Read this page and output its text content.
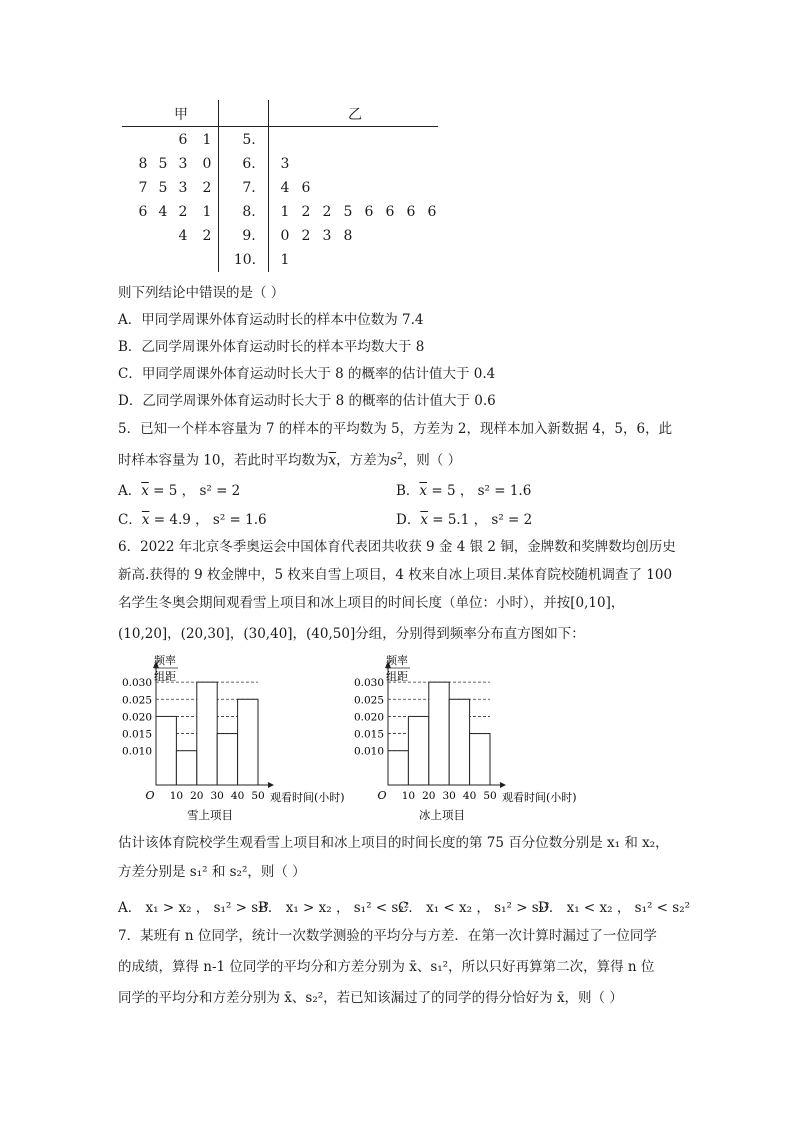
甲	乙
6 1	5.
8 5 3 0	6.	3
7 5 3 2	7.	4 6
6 4 2 1	8.	1 2 2 5 6 6 6 6
4 2	9.	0 2 3 8
10.	1
则下列结论中错误的是（ ）
A．甲同学周课外体育运动时长的样本中位数为 7.4
B．乙同学周课外体育运动时长的样本平均数大于 8
C．甲同学周课外体育运动时长大于 8 的概率的估计值大于 0.4
D．乙同学周课外体育运动时长大于 8 的概率的估计值大于 0.6
5．已知一个样本容量为 7 的样本的平均数为 5，方差为 2，现样本加入新数据 4，5，6，此
时样本容量为 10，若此时平均数为$\overline{x}$，方差为$s^2$，则（ ）
A．$\overline{x} = 5$ ， s² = 2	B．$\overline{x} = 5$ ， s² = 1.6
C．$\overline{x} = 4.9$ ， s² = 1.6	D．$\overline{x} = 5.1$ ， s² = 2
6．2022 年北京冬季奥运会中国体育代表团共收获 9 金 4 银 2 铜，金牌数和奖牌数均创历史
新高.获得的 9 枚金牌中，5 枚来自雪上项目，4 枚来自冰上项目.某体育院校随机调查了 100
名学生冬奥会期间观看雪上项目和冰上项目的时间长度（单位：小时），并按[0,10]，
(10,20]，(20,30]，(30,40]，(40,50]分组，分别得到频率分布直方图如下：
频率
组距
0.010
0.015
0.020
0.025
0.030
O 10 20 30 40 50 观看时间(小时)
雪上项目
频率
组距
0.010
0.015
0.020
0.025
0.030
O 10 20 30 40 50 观看时间(小时)
冰上项目
估计该体育院校学生观看雪上项目和冰上项目的时间长度的第 75 百分位数分别是 x₁ 和 x₂，
方差分别是 s₁² 和 s₂²，则（ ）
A． x₁ > x₂ ， s₁² > s₂²
B． x₁ > x₂ ， s₁² < s₂²
C． x₁ < x₂ ， s₁² > s₂²
D． x₁ < x₂ ， s₁² < s₂²
7．某班有 n 位同学，统计一次数学测验的平均分与方差．在第一次计算时漏过了一位同学
的成绩，算得 n-1 位同学的平均分和方差分别为 x̄、s₁²，所以只好再算第二次，算得 n 位
同学的平均分和方差分别为 x̄、s₂²，若已知该漏过了的同学的得分恰好为 x̄，则（ ）
